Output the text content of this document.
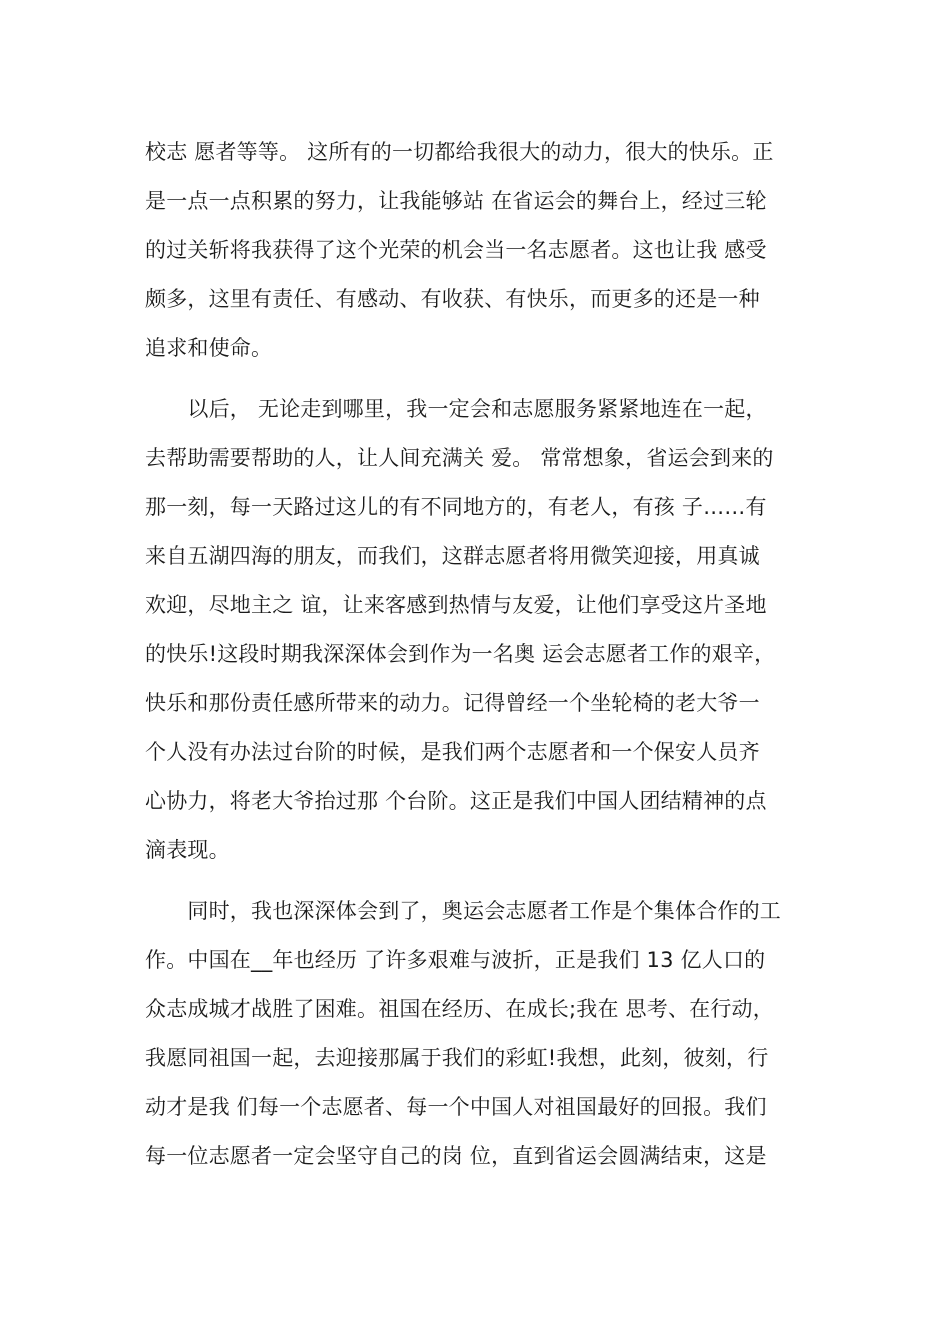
校志 愿者等等。 这所有的一切都给我很大的动力，很大的快乐。正
是一点一点积累的努力，让我能够站 在省运会的舞台上，经过三轮
的过关斩将我获得了这个光荣的机会当一名志愿者。这也让我 感受
颇多，这里有责任、有感动、有收获、有快乐，而更多的还是一种
追求和使命。
　　以后， 无论走到哪里，我一定会和志愿服务紧紧地连在一起，
去帮助需要帮助的人，让人间充满关 爱。 常常想象，省运会到来的
那一刻，每一天路过这儿的有不同地方的，有老人，有孩 子……有
来自五湖四海的朋友，而我们，这群志愿者将用微笑迎接，用真诚
欢迎，尽地主之 谊，让来客感到热情与友爱，让他们享受这片圣地
的快乐!这段时期我深深体会到作为一名奥 运会志愿者工作的艰辛，
快乐和那份责任感所带来的动力。记得曾经一个坐轮椅的老大爷一
个人没有办法过台阶的时候，是我们两个志愿者和一个保安人员齐
心协力，将老大爷抬过那 个台阶。这正是我们中国人团结精神的点
滴表现。
　　同时，我也深深体会到了，奥运会志愿者工作是个集体合作的工
作。中国在__年也经历 了许多艰难与波折，正是我们 13 亿人口的
众志成城才战胜了困难。祖国在经历、在成长;我在 思考、在行动，
我愿同祖国一起，去迎接那属于我们的彩虹!我想，此刻，彼刻，行
动才是我 们每一个志愿者、每一个中国人对祖国最好的回报。我们
每一位志愿者一定会坚守自己的岗 位，直到省运会圆满结束，这是
